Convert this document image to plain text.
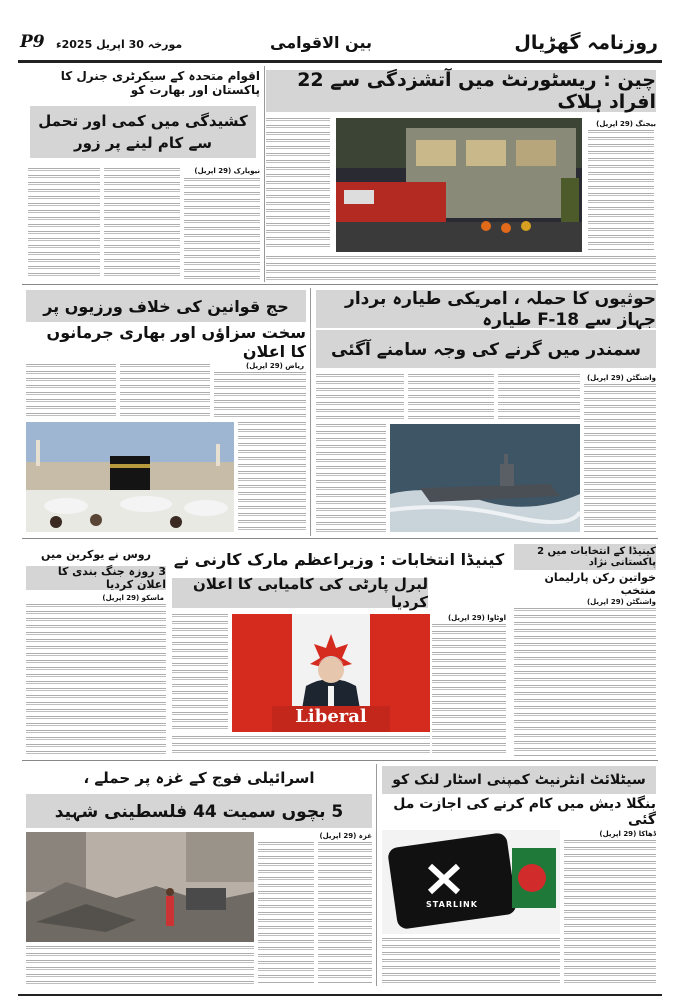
P9 مورخہ 30 اپریل 2025ء	بین الاقوامی	روزنامہ گھڑیال
اقوام متحدہ کے سیکرٹری جنرل کا پاکستان اور بھارت کو
کشیدگی میں کمی اور تحمل سے کام لینے پر زور
نیویارک (29 اپریل)
چین : ریسٹورنٹ میں آتشزدگی سے 22 افراد ہلاک
بیجنگ (29 اپریل)
حج قوانین کی خلاف ورزیوں پر
سخت سزاؤں اور بھاری جرمانوں کا اعلان
ریاض (29 اپریل)
حوثیوں کا حملہ ، امریکی طیارہ بردار جہاز سے F-18 طیارہ
سمندر میں گرنے کی وجہ سامنے آگئی
واشنگٹن (29 اپریل)
روس نے یوکرین میں
3 روزہ جنگ بندی کا اعلان کردیا
ماسکو (29 اپریل)
کینیڈا انتخابات : وزیراعظم مارک کارنی نے
لبرل پارٹی کی کامیابی کا اعلان کردیا
Liberal
اوٹاوا (29 اپریل)
کینیڈا کے انتخابات میں 2 پاکستانی نژاد
خواتین رکن پارلیمان منتخب
واشنگٹن (29 اپریل)
اسرائیلی فوج کے غزہ پر حملے ،
5 بچوں سمیت 44 فلسطینی شہید
غزہ (29 اپریل)
سیٹلائٹ انٹرنیٹ کمپنی اسٹار لنک کو
بنگلا دیش میں کام کرنے کی اجازت مل گئی
STARLINK
ڈھاکا (29 اپریل)
